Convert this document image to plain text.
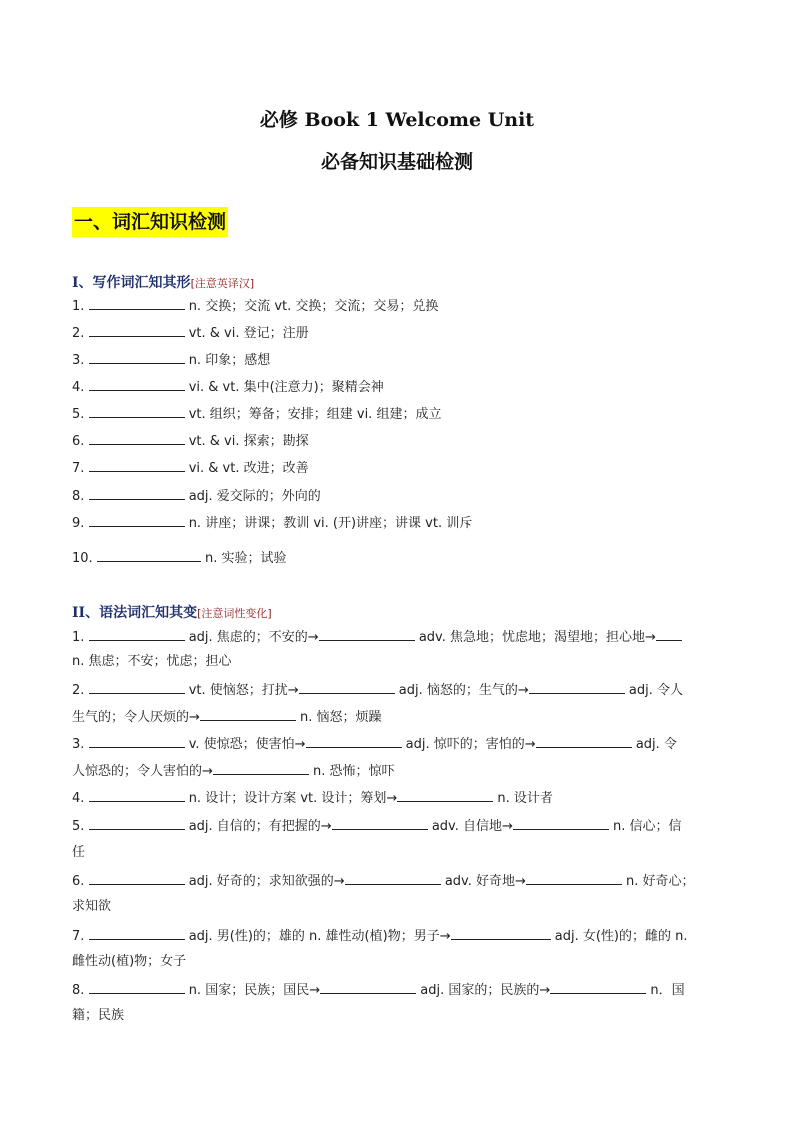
必修 Book 1 Welcome Unit
必备知识基础检测
一、词汇知识检测
I、写作词汇知其形[注意英译汉]
1.	n. 交换；交流 vt. 交换；交流；交易；兑换
2.	vt. & vi. 登记；注册
3.	n. 印象；感想
4.	vi. & vt. 集中(注意力)；聚精会神
5.	vt. 组织；筹备；安排；组建 vi. 组建；成立
6.	vt. & vi. 探索；勘探
7.	vi. & vt. 改进；改善
8.	adj. 爱交际的；外向的
9.	n. 讲座；讲课；教训 vi. (开)讲座；讲课 vt. 训斥
10.	n. 实验；试验
II、语法词汇知其变[注意词性变化]
1.	adj. 焦虑的；不安的→	adv. 焦急地；忧虑地；渴望地；担心地→
n. 焦虑；不安；忧虑；担心
2.	vt. 使恼怒；打扰→	adj. 恼怒的；生气的→	adj. 令人
生气的；令人厌烦的→	n. 恼怒；烦躁
3.	v. 使惊恐；使害怕→	adj. 惊吓的；害怕的→	adj. 令
人惊恐的；令人害怕的→	n. 恐怖；惊吓
4.	n. 设计；设计方案 vt. 设计；筹划→	n. 设计者
5.	adj. 自信的；有把握的→	adv. 自信地→	n. 信心；信
任
6.	adj. 好奇的；求知欲强的→	adv. 好奇地→	n. 好奇心；
求知欲
7.	adj. 男(性)的；雄的 n. 雄性动(植)物；男子→	adj. 女(性)的；雌的 n.
雌性动(植)物；女子
8.	n. 国家；民族；国民→	adj. 国家的；民族的→	n．国
籍；民族
